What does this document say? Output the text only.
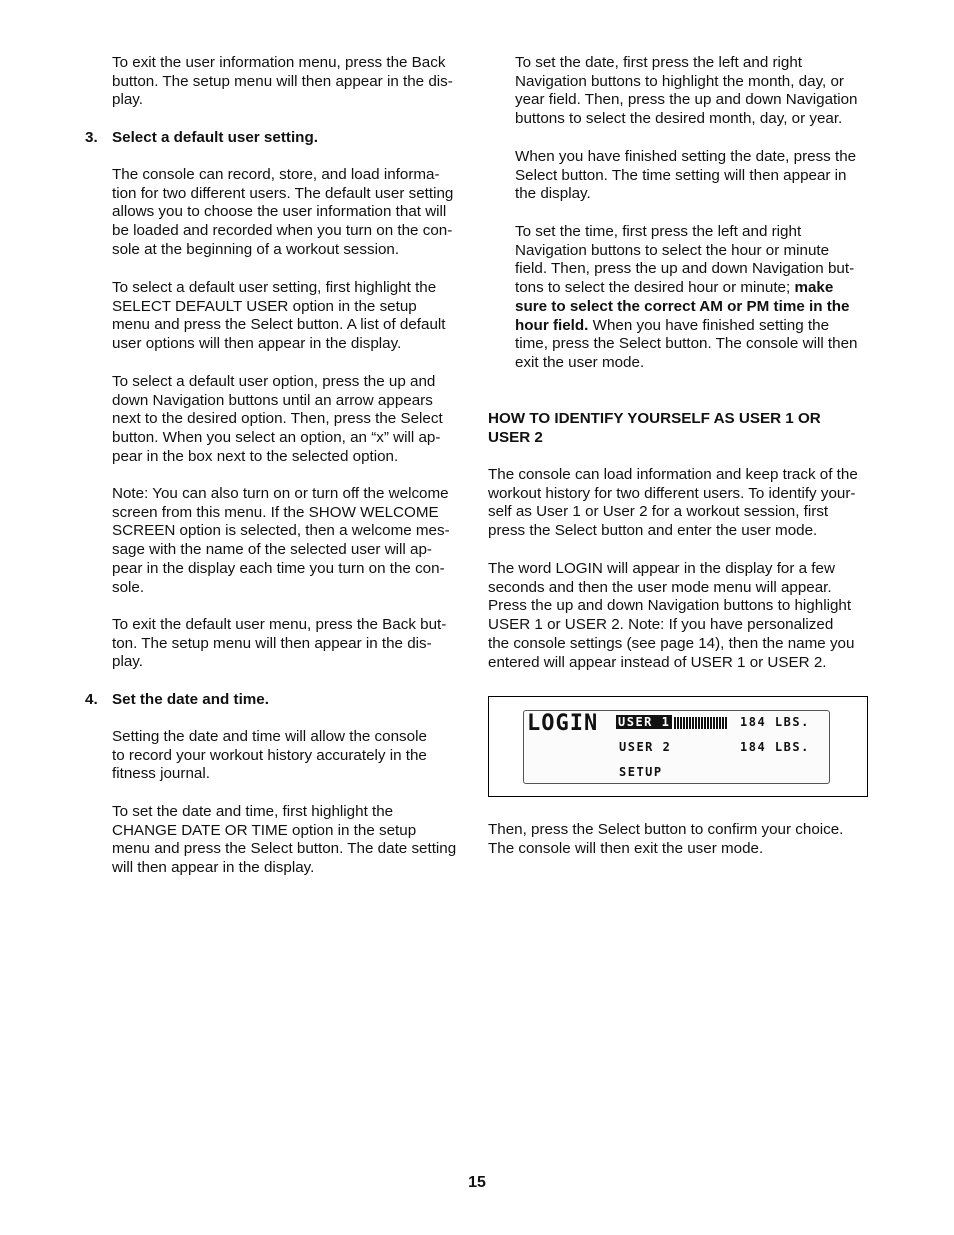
To exit the user information menu, press the Back
button. The setup menu will then appear in the dis-
play.

3. Select a default user setting.

The console can record, store, and load informa-
tion for two different users. The default user setting
allows you to choose the user information that will
be loaded and recorded when you turn on the con-
sole at the beginning of a workout session.

To select a default user setting, first highlight the
SELECT DEFAULT USER option in the setup
menu and press the Select button. A list of default
user options will then appear in the display.

To select a default user option, press the up and
down Navigation buttons until an arrow appears
next to the desired option. Then, press the Select
button. When you select an option, an “x” will ap-
pear in the box next to the selected option.

Note: You can also turn on or turn off the welcome
screen from this menu. If the SHOW WELCOME
SCREEN option is selected, then a welcome mes-
sage with the name of the selected user will ap-
pear in the display each time you turn on the con-
sole.

To exit the default user menu, press the Back but-
ton. The setup menu will then appear in the dis-
play.

4. Set the date and time.

Setting the date and time will allow the console
to record your workout history accurately in the
fitness journal.

To set the date and time, first highlight the
CHANGE DATE OR TIME option in the setup
menu and press the Select button. The date setting
will then appear in the display.

To set the date, first press the left and right
Navigation buttons to highlight the month, day, or
year field. Then, press the up and down Navigation
buttons to select the desired month, day, or year.

When you have finished setting the date, press the
Select button. The time setting will then appear in
the display.

To set the time, first press the left and right
Navigation buttons to select the hour or minute
field. Then, press the up and down Navigation but-
tons to select the desired hour or minute; make
sure to select the correct AM or PM time in the
hour field. When you have finished setting the
time, press the Select button. The console will then
exit the user mode.

HOW TO IDENTIFY YOURSELF AS USER 1 OR
USER 2

The console can load information and keep track of the
workout history for two different users. To identify your-
self as User 1 or User 2 for a workout session, first
press the Select button and enter the user mode.

The word LOGIN will appear in the display for a few
seconds and then the user mode menu will appear.
Press the up and down Navigation buttons to highlight
USER 1 or USER 2. Note: If you have personalized
the console settings (see page 14), then the name you
entered will appear instead of USER 1 or USER 2.

LOGIN USER 1	184 LBS.
USER 2	184 LBS.
SETUP

Then, press the Select button to confirm your choice.
The console will then exit the user mode.

15
